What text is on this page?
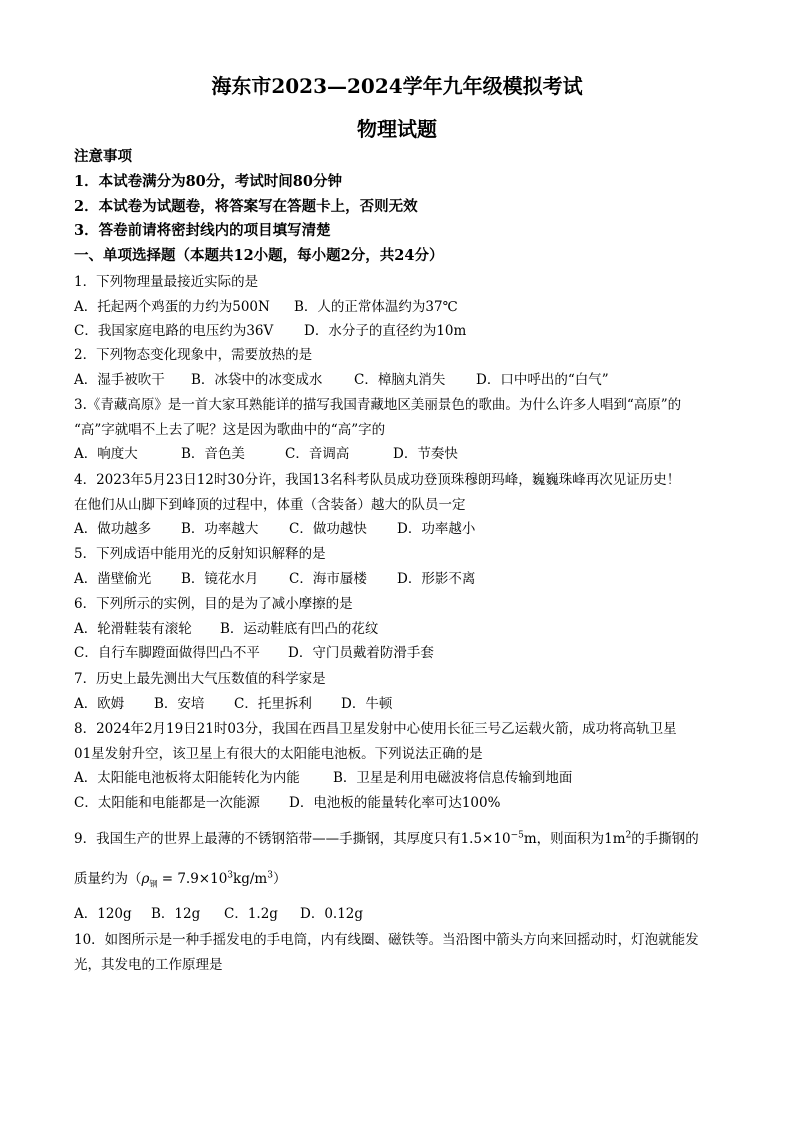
海东市2023—2024学年九年级模拟考试
物理试题
注意事项
1．本试卷满分为80分，考试时间80分钟
2．本试卷为试题卷，将答案写在答题卡上，否则无效
3．答卷前请将密封线内的项目填写清楚
一、单项选择题（本题共12小题，每小题2分，共24分）
1．下列物理量最接近实际的是
A．托起两个鸡蛋的力约为500N B．人的正常体温约为37℃
C．我国家庭电路的电压约为36V D．水分子的直径约为10m
2．下列物态变化现象中，需要放热的是
A．湿手被吹干 B．冰袋中的冰变成水 C．樟脑丸消失 D．口中呼出的“白气”
3.《青藏高原》是一首大家耳熟能详的描写我国青藏地区美丽景色的歌曲。为什么许多人唱到“高原”的
“高”字就唱不上去了呢？这是因为歌曲中的“高”字的
A．响度大	B．音色美	C．音调高	D．节奏快
4．2023年5月23日12时30分许，我国13名科考队员成功登顶珠穆朗玛峰，巍巍珠峰再次见证历史！
在他们从山脚下到峰顶的过程中，体重（含装备）越大的队员一定
A．做功越多 B．功率越大 C．做功越快 D．功率越小
5．下列成语中能用光的反射知识解释的是
A．凿壁偷光 B．镜花水月 C．海市蜃楼 D．形影不离
6．下列所示的实例，目的是为了减小摩擦的是
A．轮滑鞋装有滚轮 B．运动鞋底有凹凸的花纹
C．自行车脚蹬面做得凹凸不平 D．守门员戴着防滑手套
7．历史上最先测出大气压数值的科学家是
A．欧姆 B．安培 C．托里拆利 D．牛顿
8．2024年2月19日21时03分，我国在西昌卫星发射中心使用长征三号乙运载火箭，成功将高轨卫星
01星发射升空，该卫星上有很大的太阳能电池板。下列说法正确的是
A．太阳能电池板将太阳能转化为内能 B．卫星是利用电磁波将信息传输到地面
C．太阳能和电能都是一次能源 D．电池板的能量转化率可达100%
9．我国生产的世界上最薄的不锈钢箔带——手撕钢，其厚度只有$1.5\times 10^{-5}m$，则面积为$1m^2$的手撕钢的
质量约为$(\rho_钢 = 7.9\times 10^3kg/m^3)$
A．120g B．12g C．1.2g D．0.12g
10．如图所示是一种手摇发电的手电筒，内有线圈、磁铁等。当沿图中箭头方向来回摇动时，灯泡就能发
光，其发电的工作原理是
